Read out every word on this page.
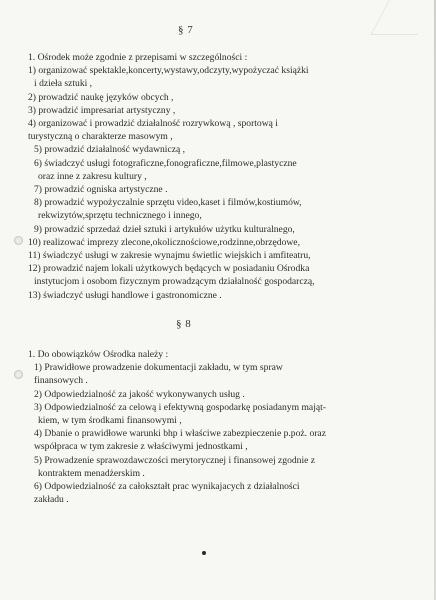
§ 7
1. Ośrodek może zgodnie z przepisami w szczególności :
1) organizować spektakle,koncerty,wystawy,odczyty,wypożyczać książki
i dzieła sztuki ,
2) prowadzić naukę języków obcych ,
3) prowadzić impresariat artystyczny ,
4) organizować i prowadzić działalność rozrywkową , sportową i
turystyczną o charakterze masowym ,
5) prowadzić działalność wydawniczą ,
6) świadczyć usługi fotograficzne,fonograficzne,filmowe,plastyczne
oraz inne z zakresu kultury ,
7) prowadzić ogniska artystyczne .
8) prowadzić wypożyczalnie sprzętu video,kaset i filmów,kostiumów,
rekwizytów,sprzętu technicznego i innego,
9) prowadzić sprzedaż dzieł sztuki i artykułów użytku kulturalnego,
10) realizować imprezy zlecone,okolicznościowe,rodzinne,obrzędowe,
11) świadczyć usługi w zakresie wynajmu świetlic wiejskich i amfiteatru,
12) prowadzić najem lokali użytkowych będących w posiadaniu Ośrodka
instytucjom i osobom fizycznym prowadzącym działalność gospodarczą,
13) świadczyć usługi handlowe i gastronomiczne .
§ 8
1. Do obowiązków Ośrodka należy :
1) Prawidłowe prowadzenie dokumentacji zakładu, w tym spraw
finansowych .
2) Odpowiedzialność za jakość wykonywanych usług .
3) Odpowiedzialność za celową i efektywną gospodarkę posiadanym mająt-
kiem, w tym środkami finansowymi ,
4) Dbanie o prawidłowe warunki bhp i właściwe zabezpieczenie p.poż. oraz
współpraca w tym zakresie z właściwymi jednostkami ,
5) Prowadzenie sprawozdawczości merytorycznej i finansowej zgodnie z
kontraktem menadżerskim .
6) Odpowiedzialność za całokształt prac wynikajacych z działalności
zakładu .
